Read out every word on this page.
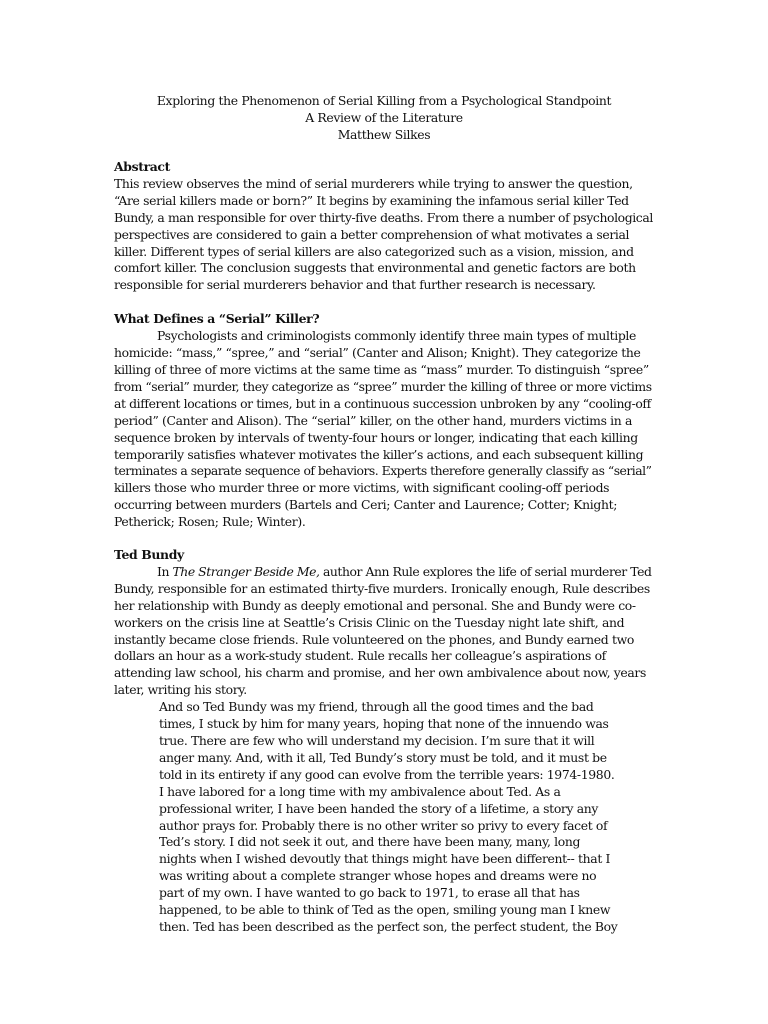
Exploring the Phenomenon of Serial Killing from a Psychological Standpoint
A Review of the Literature
Matthew Silkes
Abstract
This review observes the mind of serial murderers while trying to answer the question,
“Are serial killers made or born?” It begins by examining the infamous serial killer Ted
Bundy, a man responsible for over thirty-five deaths. From there a number of psychological
perspectives are considered to gain a better comprehension of what motivates a serial
killer. Different types of serial killers are also categorized such as a vision, mission, and
comfort killer. The conclusion suggests that environmental and genetic factors are both
responsible for serial murderers behavior and that further research is necessary.
What Defines a “Serial” Killer?
Psychologists and criminologists commonly identify three main types of multiple
homicide: “mass,” “spree,” and “serial” (Canter and Alison; Knight). They categorize the
killing of three of more victims at the same time as “mass” murder. To distinguish “spree”
from “serial” murder, they categorize as “spree” murder the killing of three or more victims
at different locations or times, but in a continuous succession unbroken by any “cooling-off
period” (Canter and Alison). The “serial” killer, on the other hand, murders victims in a
sequence broken by intervals of twenty-four hours or longer, indicating that each killing
temporarily satisfies whatever motivates the killer’s actions, and each subsequent killing
terminates a separate sequence of behaviors. Experts therefore generally classify as “serial”
killers those who murder three or more victims, with significant cooling-off periods
occurring between murders (Bartels and Ceri; Canter and Laurence; Cotter; Knight;
Petherick; Rosen; Rule; Winter).
Ted Bundy
In The Stranger Beside Me, author Ann Rule explores the life of serial murderer Ted
Bundy, responsible for an estimated thirty-five murders. Ironically enough, Rule describes
her relationship with Bundy as deeply emotional and personal. She and Bundy were co-
workers on the crisis line at Seattle’s Crisis Clinic on the Tuesday night late shift, and
instantly became close friends. Rule volunteered on the phones, and Bundy earned two
dollars an hour as a work-study student. Rule recalls her colleague’s aspirations of
attending law school, his charm and promise, and her own ambivalence about now, years
later, writing his story.
And so Ted Bundy was my friend, through all the good times and the bad
times, I stuck by him for many years, hoping that none of the innuendo was
true. There are few who will understand my decision. I’m sure that it will
anger many. And, with it all, Ted Bundy’s story must be told, and it must be
told in its entirety if any good can evolve from the terrible years: 1974-1980.
I have labored for a long time with my ambivalence about Ted. As a
professional writer, I have been handed the story of a lifetime, a story any
author prays for. Probably there is no other writer so privy to every facet of
Ted’s story. I did not seek it out, and there have been many, many, long
nights when I wished devoutly that things might have been different-- that I
was writing about a complete stranger whose hopes and dreams were no
part of my own. I have wanted to go back to 1971, to erase all that has
happened, to be able to think of Ted as the open, smiling young man I knew
then. Ted has been described as the perfect son, the perfect student, the Boy
